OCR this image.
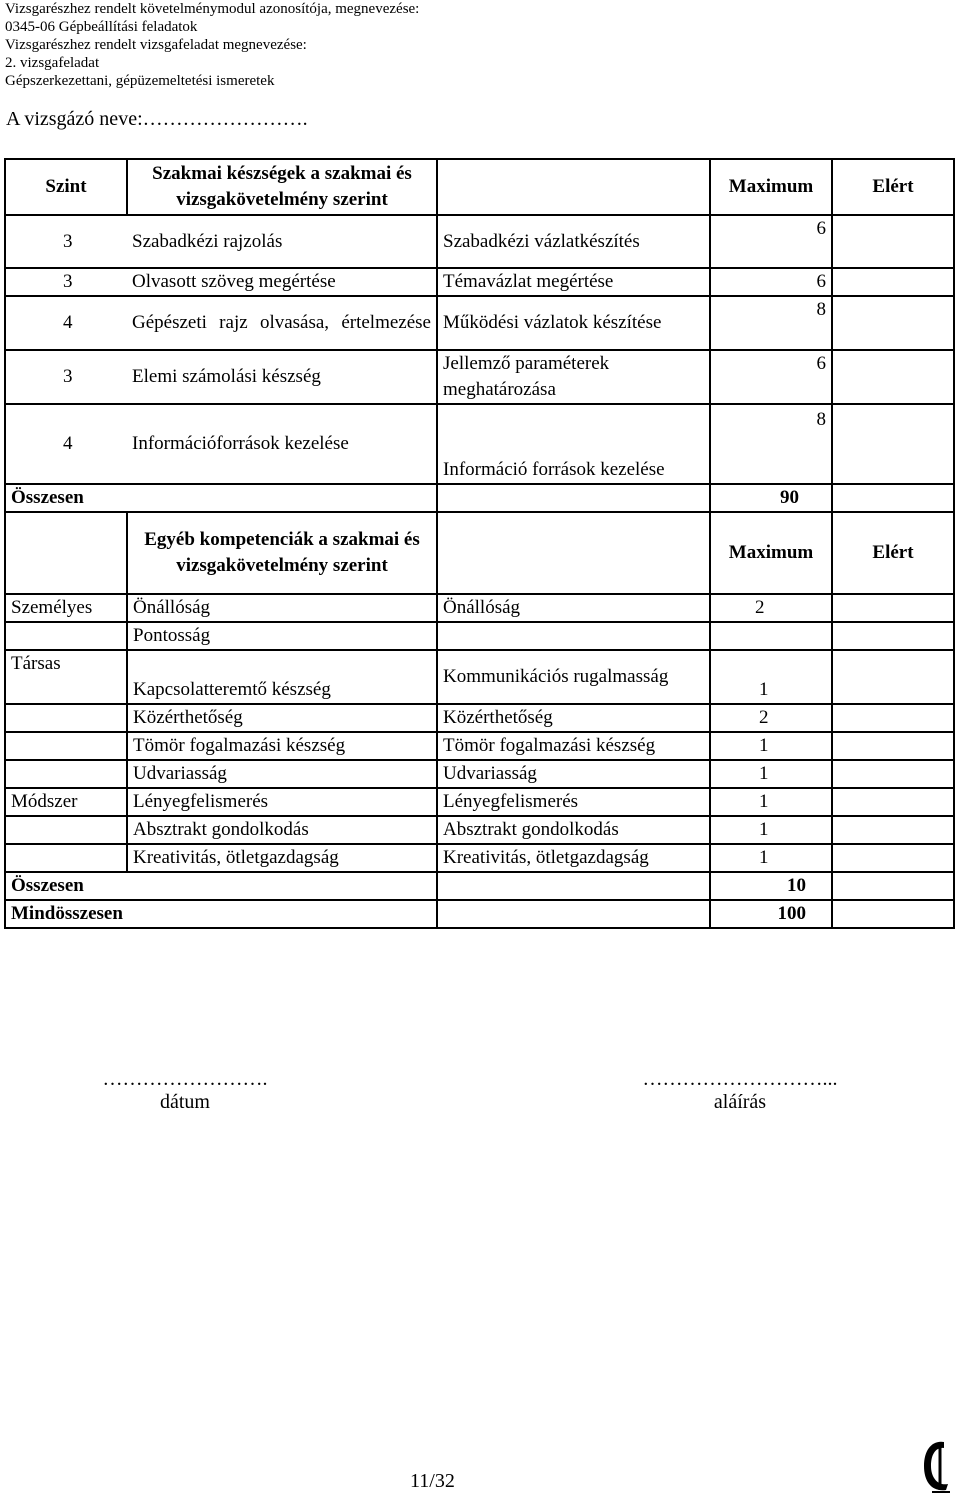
Vizsgarészhez rendelt követelménymodul azonosítója, megnevezése:
0345-06 Gépbeállítási feladatok
Vizsgarészhez rendelt vizsgafeladat megnevezése:
2. vizsgafeladat
Gépszerkezettani, gépüzemeltetési ismeretek
A vizsgázó neve:…………………….
Szint	Szakmai készségek a szakmai és vizsgakövetelmény szerint		Maximum	Elért
3	Szabadkézi rajzolás	Szabadkézi vázlatkészítés	6	
3	Olvasott szöveg megértése	Témavázlat megértése	6	
4	Gépészeti rajz olvasása, értelmezése	Működési vázlatok készítése	8	
3	Elemi számolási készség	Jellemző paraméterek meghatározása	6	
4	Információforrások kezelése	Információ források kezelése	8	
Összesen			90	
	Egyéb kompetenciák a szakmai és vizsgakövetelmény szerint		Maximum	Elért
Személyes	Önállóság	Önállóság	2	
	Pontosság			
Társas	Kapcsolatteremtő készség	Kommunikációs rugalmasság	1	
	Közérthetőség	Közérthetőség	2	
	Tömör fogalmazási készség	Tömör fogalmazási készség	1	
	Udvariasság	Udvariasság	1	
Módszer	Lényegfelismerés	Lényegfelismerés	1	
	Absztrakt gondolkodás	Absztrakt gondolkodás	1	
	Kreativitás, ötletgazdagság	Kreativitás, ötletgazdagság	1	
Összesen			10	
Mindösszesen			100	
…………………….
dátum
………………………...
aláírás
11/32
